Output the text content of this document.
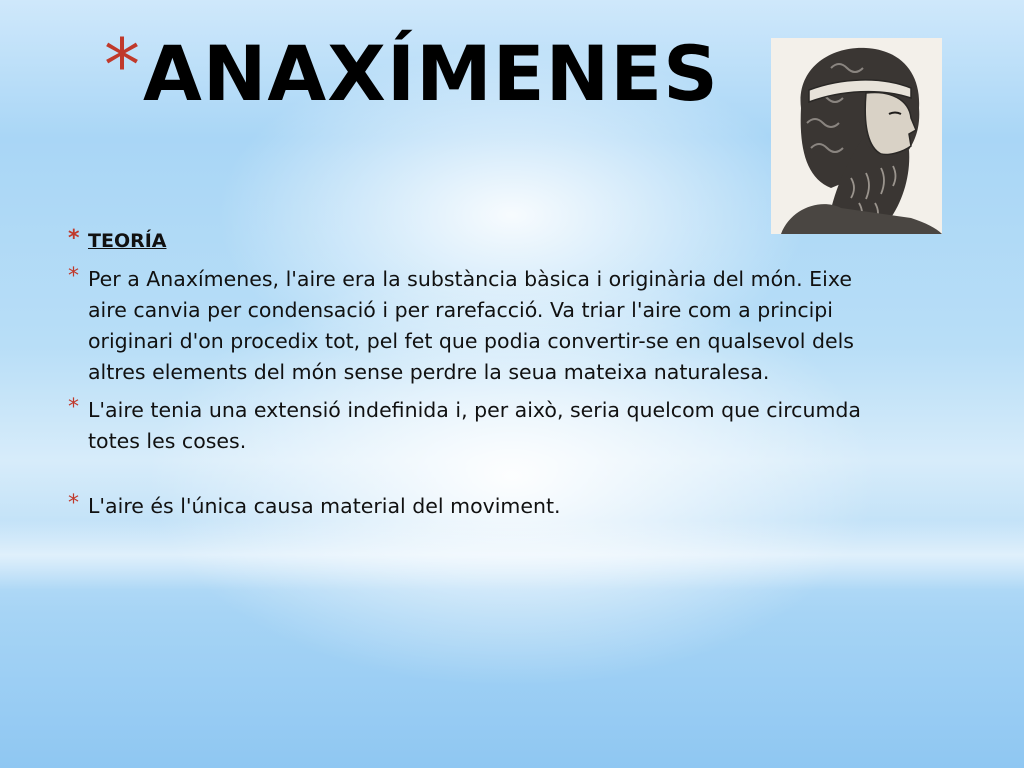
*ANAXÍMENES
* TEORÍA
* Per a Anaxímenes, l'aire era la substància bàsica i originària del món. Eixe aire canvia per condensació i per rarefacció. Va triar l'aire com a principi originari d'on procedix tot, pel fet que podia convertir-se en qualsevol dels altres elements del món sense perdre la seua mateixa naturalesa.
* L'aire tenia una extensió indefinida i, per això, seria quelcom que circumda totes les coses.
* L'aire és l'única causa material del moviment.
